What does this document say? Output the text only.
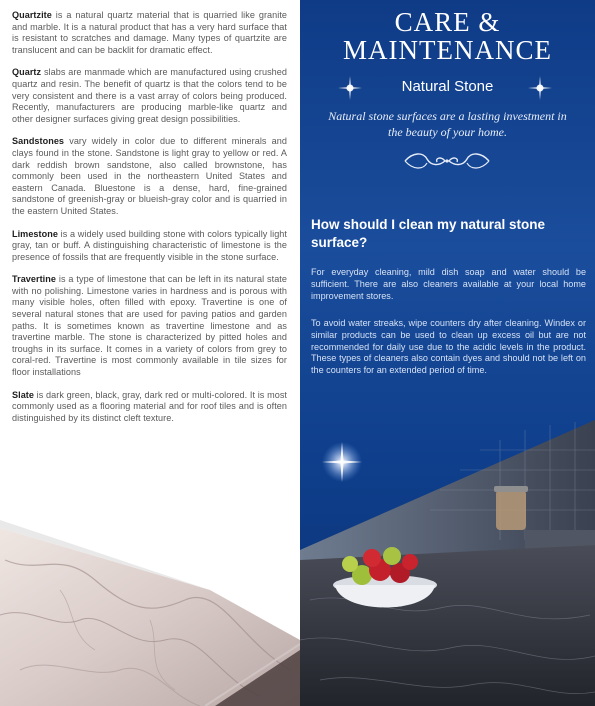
Quartzite is a natural quartz material that is quarried like granite and marble. It is a natural product that has a very hard surface that is resistant to scratches and damage. Many types of quartzite are translucent and can be backlit for dramatic effect.

Quartz slabs are manmade which are manufactured using crushed quartz and resin. The benefit of quartz is that the colors tend to be very consistent and there is a vast array of colors being produced. Recently, manufacturers are producing marble-like quartz and other designer surfaces giving great design possibilities.

Sandstones vary widely in color due to different minerals and clays found in the stone. Sandstone is light gray to yellow or red. A dark reddish brown sandstone, also called brownstone, has commonly been used in the northeastern United States and eastern Canada. Bluestone is a dense, hard, fine-grained sandstone of greenish-gray or blueish-gray color and is quarried in the eastern United States.

Limestone is a widely used building stone with colors typically light gray, tan or buff. A distinguishing characteristic of limestone is the presence of fossils that are frequently visible in the stone surface.

Travertine is a type of limestone that can be left in its natural state with no polishing. Limestone varies in hardness and is porous with many visible holes, often filled with epoxy. Travertine is one of several natural stones that are used for paving patios and garden paths. It is sometimes known as travertine limestone and as travertine marble. The stone is characterized by pitted holes and troughs in its surface. It comes in a variety of colors from grey to coral-red. Travertine is most commonly available in tile sizes for floor installations

Slate is dark green, black, gray, dark red or multi-colored. It is most commonly used as a flooring material and for roof tiles and is often distinguished by its distinct cleft texture.

CARE &
MAINTENANCE
Natural Stone
Natural stone surfaces are a lasting investment in the beauty of your home.
How should I clean my natural stone surface?

For everyday cleaning, mild dish soap and water should be sufficient. There are also cleaners available at your local home improvement stores.

To avoid water streaks, wipe counters dry after cleaning. Windex or similar products can be used to clean up excess oil but are not recommended for daily use due to the acidic levels in the product. These types of cleaners also contain dyes and should not be left on the counters for an extended period of time.
